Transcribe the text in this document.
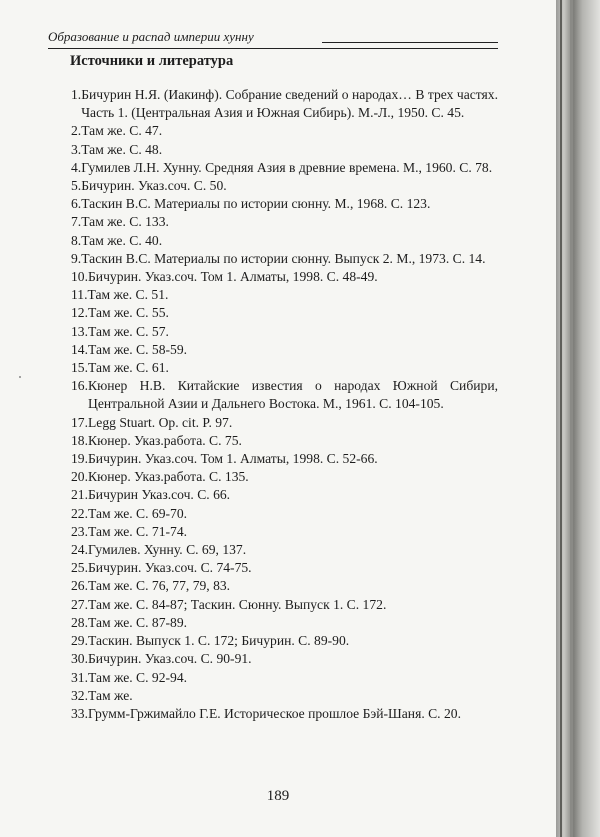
Образование и распад империи хунну
Источники и литература
1. Бичурин Н.Я. (Иакинф). Собрание сведений о народах… В трех частях. Часть 1. (Центральная Азия и Южная Сибирь). М.-Л., 1950. С. 45.
2. Там же. С. 47.
3. Там же. С. 48.
4. Гумилев Л.Н. Хунну. Средняя Азия в древние времена. М., 1960. С. 78.
5. Бичурин. Указ.соч. С. 50.
6. Таскин В.С. Материалы по истории сюнну. М., 1968. С. 123.
7. Там же. С. 133.
8. Там же. С. 40.
9. Таскин В.С. Материалы по истории сюнну. Выпуск 2. М., 1973. С. 14.
10. Бичурин. Указ.соч. Том 1. Алматы, 1998. С. 48-49.
11. Там же. С. 51.
12. Там же. С. 55.
13. Там же. С. 57.
14. Там же. С. 58-59.
15. Там же. С. 61.
16. Кюнер Н.В. Китайские известия о народах Южной Сибири, Центральной Азии и Дальнего Востока. М., 1961. С. 104-105.
17. Legg Stuart. Op. cit. P. 97.
18. Кюнер. Указ.работа. С. 75.
19. Бичурин. Указ.соч. Том 1. Алматы, 1998. С. 52-66.
20. Кюнер. Указ.работа. С. 135.
21. Бичурин Указ.соч. С. 66.
22. Там же. С. 69-70.
23. Там же. С. 71-74.
24. Гумилев. Хунну. С. 69, 137.
25. Бичурин. Указ.соч. С. 74-75.
26. Там же. С. 76, 77, 79, 83.
27. Там же. С. 84-87; Таскин. Сюнну. Выпуск 1. С. 172.
28. Там же. С. 87-89.
29. Таскин. Выпуск 1. С. 172; Бичурин. С. 89-90.
30. Бичурин. Указ.соч. С. 90-91.
31. Там же. С. 92-94.
32. Там же.
33. Грумм-Гржимайло Г.Е. Историческое прошлое Бэй-Шаня. С. 20.
189
